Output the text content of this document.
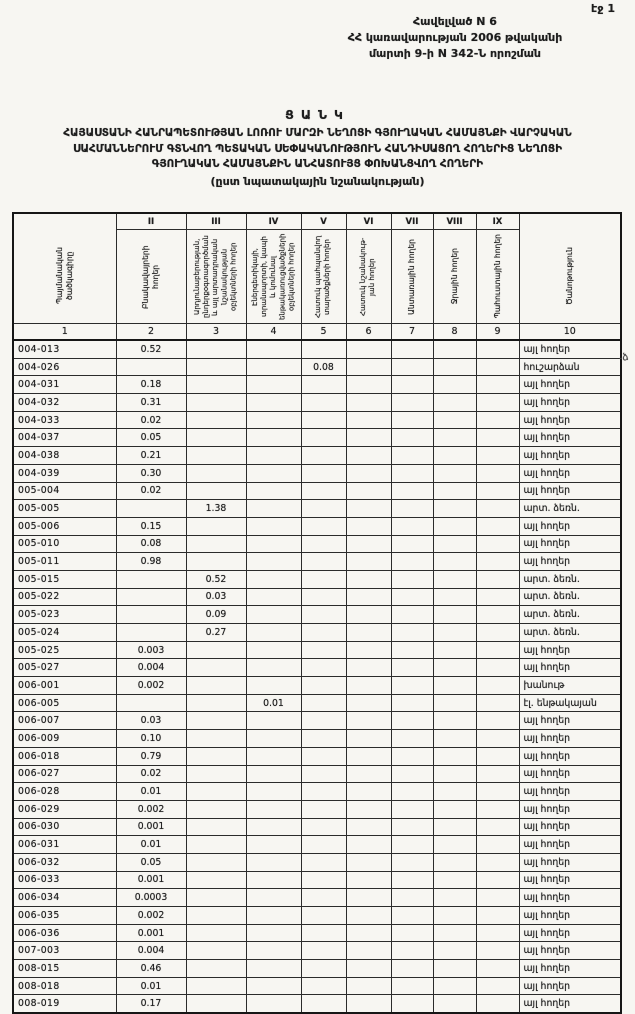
էջ 1
Հավելված N 6
ՀՀ կառավարության 2006 թվականի
մարտի 9-ի N 342-Ն որոշման
ՑԱՆԿ
ՀԱՅԱՍՏԱՆԻ ՀԱՆՐԱՊԵՏՈՒԹՅԱՆ ԼՈՌՈՒ ՄԱՐԶԻ ՆԵՂՈՑԻ ԳՅՈՒՂԱԿԱՆ ՀԱՄԱՅՆՔԻ ՎԱՐՉԱԿԱՆ
ՍԱՀՄԱՆՆԵՐՈՒՄ ԳՏՆՎՈՂ ՊԵՏԱԿԱՆ ՍԵՓԱԿԱՆՈՒԹՅՈՒՆ ՀԱՆԴԻՍԱՑՈՂ ՀՈՂԵՐԻՑ ՆԵՂՈՑԻ
ԳՅՈՒՂԱԿԱՆ ՀԱՄԱՅՆՔԻՆ ԱՆՀԱՏՈՒՅՑ ՓՈԽԱՆՑՎՈՂ ՀՈՂԵՐԻ
(ըստ նպատակային նշանակության)
	II	III	IV	V	VI	VII	VIII	IX	

Պայմանական ծածկագիրը	Բնակավայրերի հողեր	Արդյունաբերության, ընդերքօգտագործման և այլ արտադրական նշանակության օբյեկտների հողեր	Էներգետիկայի, տրանսպորտի, կապի և կոմունալ ենթակառուցվածքների օբյեկտների հողեր	Հատուկ պահպանվող տարածքների հողեր	Հատուկ նշանակութ- յան հողեր	Անտառային հողեր	Ջրային հողեր	Պահուստային հողեր	Ծանոթություն

1	2	3	4	5	6	7	8	9	10
004-013	0.52								այլ հողեր
004-026				0.08					հուշարձան
004-031	0.18								այլ հողեր
004-032	0.31								այլ հողեր
004-033	0.02								այլ հողեր
004-037	0.05								այլ հողեր
004-038	0.21								այլ հողեր
004-039	0.30								այլ հողեր
005-004	0.02								այլ հողեր
005-005		1.38							արտ. ձեռն.
005-006	0.15								այլ հողեր
005-010	0.08								այլ հողեր
005-011	0.98								այլ հողեր
005-015		0.52							արտ. ձեռն.
005-022		0.03							արտ. ձեռն.
005-023		0.09							արտ. ձեռն.
005-024		0.27							արտ. ձեռն.
005-025	0.003								այլ հողեր
005-027	0.004								այլ հողեր
006-001	0.002								խանութ
006-005			0.01						էլ. ենթակայան
006-007	0.03								այլ հողեր
006-009	0.10								այլ հողեր
006-018	0.79								այլ հողեր
006-027	0.02								այլ հողեր
006-028	0.01								այլ հողեր
006-029	0.002								այլ հողեր
006-030	0.001								այլ հողեր
006-031	0.01								այլ հողեր
006-032	0.05								այլ հողեր
006-033	0.001								այլ հողեր
006-034	0.0003								այլ հողեր
006-035	0.002								այլ հողեր
006-036	0.001								այլ հողեր
007-003	0.004								այլ հողեր
008-015	0.46								այլ հողեր
008-018	0.01								այլ հողեր
008-019	0.17								այլ հողեր
֊ձ
